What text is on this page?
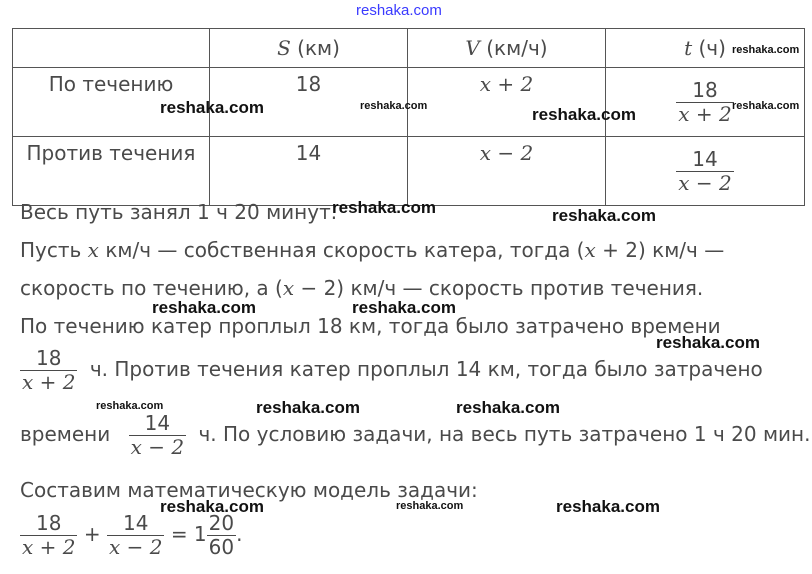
reshaka.com
	S (км)	V (км/ч)	t (ч)
По течению	18	x + 2	$\frac{18}{x + 2}$

Против течения	14	x − 2	$\frac{14}{x - 2}$
Весь путь занял 1 ч 20 минут.
Пусть x км/ч — собственная скорость катера, тогда (x + 2) км/ч —
скорость по течению, а (x − 2) км/ч — скорость против течения.
По течению катер проплыл 18 км, тогда было затрачено времени
$\frac{18}{x + 2} ч$. Против течения катер проплыл 14 км, тогда было затрачено
времени $\frac{14}{x - 2} ч$. По условию задачи, на весь путь затрачено 1 ч 20 мин.
Составим математическую модель задачи:
$\frac{18}{x + 2} + \frac{14}{x - 2} = 1 \frac{20}{60}$ .
reshaka.com
reshaka.com	reshaka.com	reshaka.com	reshaka.com
reshaka.com	reshaka.com
reshaka.com	reshaka.com
reshaka.com
reshaka.com	reshaka.com	reshaka.com
reshaka.com	reshaka.com	reshaka.com
